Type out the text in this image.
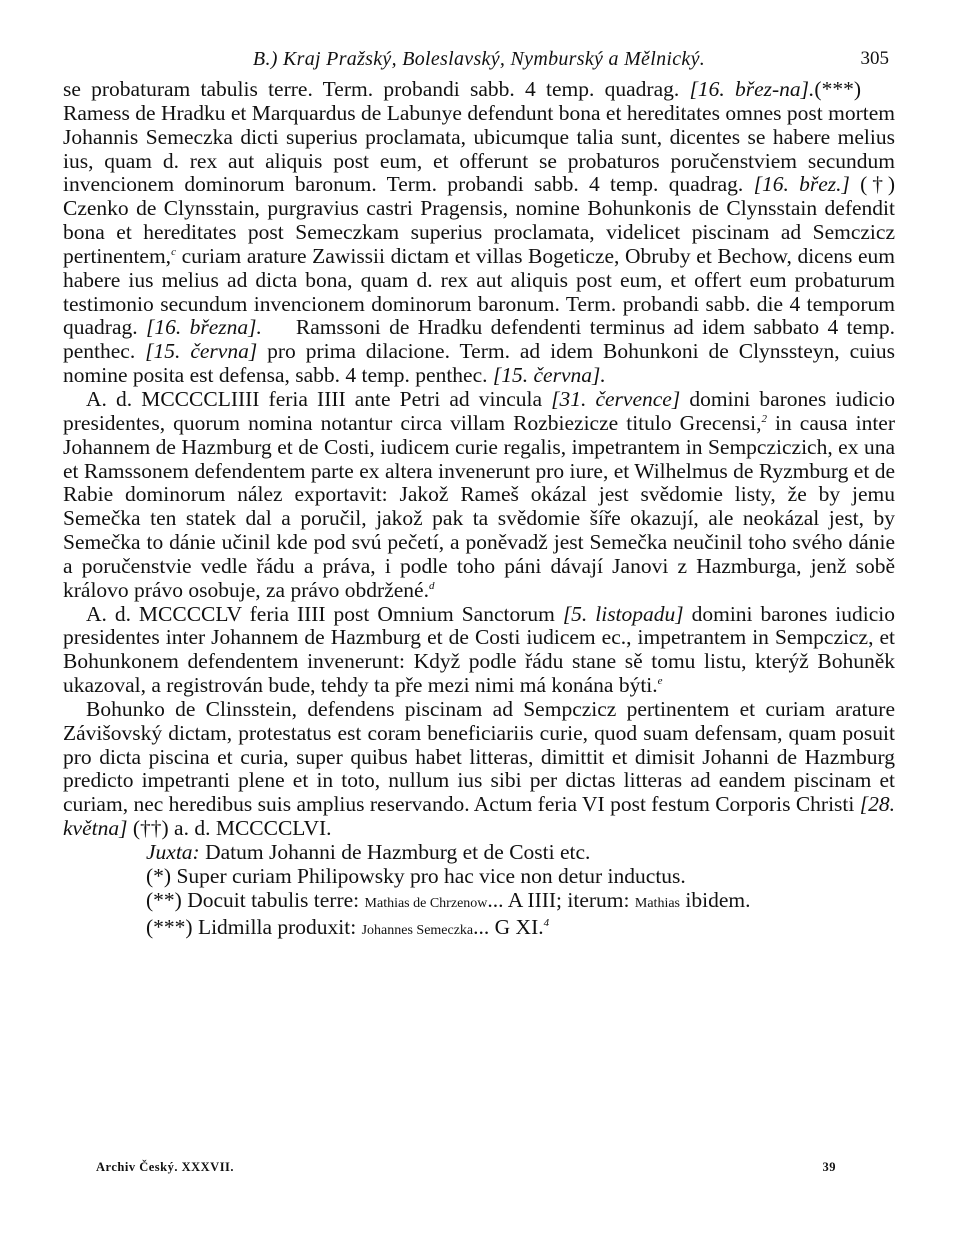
B.) Kraj Pražský, Boleslavský, Nymburský a Mělnický.	305

se probaturam tabulis terre. Term. probandi sabb. 4 temp. quadrag. [16. břez-na].(***)Ramess de Hradku et Marquardus de Labunye defendunt bona et hereditates omnes post mortem Johannis Semeczka dicti superius proclamata, ubicumque talia sunt, dicentes se habere melius ius, quam d. rex aut aliquis post eum, et offerunt se probaturos poručenstviem secundum invencionem dominorum baronum. Term. probandi sabb. 4 temp. quadrag. [16. břez.] (†) Czenko de Clynsstain, purgravius castri Pragensis, nomine Bohunkonis de Clynsstain defendit bona et hereditates post Semeczkam superius proclamata, videlicet piscinam ad Semczicz pertinentem,$^c$ curiam arature Zawissii dictam et villas Bogeticze, Obruby et Bechow, dicens eum habere ius melius ad dicta bona, quam d. rex aut aliquis post eum, et offert eum probaturum testimonio secundum invencionem dominorum baronum. Term. probandi sabb. die 4 temporum quadrag. [16. března]. Ramssoni de Hradku defendenti terminus ad idem sabbato 4 temp. penthec. [15. června] pro prima dilacione. Term. ad idem Bohunkoni de Clynssteyn, cuius nomine posita est defensa, sabb. 4 temp. penthec. [15. června].

A. d. MCCCCLIIII feria IIII ante Petri ad vincula [31. července] domini barones iudicio presidentes, quorum nomina notantur circa villam Rozbiezicze titulo Grecensi,$^2$ in causa inter Johannem de Hazmburg et de Costi, iudicem curie regalis, impetrantem in Sempcziczich, ex una et Ramssonem defendentem parte ex altera invenerunt pro iure, et Wilhelmus de Ryzmburg et de Rabie dominorum nález exportavit: Jakož Rameš okázal jest svědomie listy, že by jemu Semečka ten statek dal a poručil, jakož pak ta svědomie šíře okazují, ale neokázal jest, by Semečka to dánie učinil kde pod svú pečetí, a poněvadž jest Semečka neučinil toho svého dánie a poručenstvie vedle řádu a práva, i podle toho páni dávají Janovi z Hazmburga, jenž sobě královo právo osobuje, za právo obdržené.$^d$

A. d. MCCCCLV feria IIII post Omnium Sanctorum [5. listopadu] domini barones iudicio presidentes inter Johannem de Hazmburg et de Costi iudicem ec., impetrantem in Sempczicz, et Bohunkonem defendentem invenerunt: Když podle řádu stane sě tomu listu, kterýž Bohuněk ukazoval, a registrován bude, tehdy ta pře mezi nimi má konána býti.$^e$

Bohunko de Clinsstein, defendens piscinam ad Sempczicz pertinentem et curiam arature Závišovský dictam, protestatus est coram beneficiariis curie, quod suam defensam, quam posuit pro dicta piscina et curia, super quibus habet litteras, dimittit et dimisit Johanni de Hazmburg predicto impetranti plene et in toto, nullum ius sibi per dictas litteras ad eandem piscinam et curiam, nec heredibus suis amplius reservando. Actum feria VI post festum Corporis Christi [28. května] (††) a. d. MCCCCLVI.

Juxta: Datum Johanni de Hazmburg et de Costi etc.

(*) Super curiam Philipowsky pro hac vice non detur inductus.

(**) Docuit tabulis terre: Mathias de Chrzenow... A IIII; iterum: Mathias ibidem.

(***) Lidmilla produxit: Johannes Semeczka... G XI.$^4$

Archiv Český. XXXVII.	39
